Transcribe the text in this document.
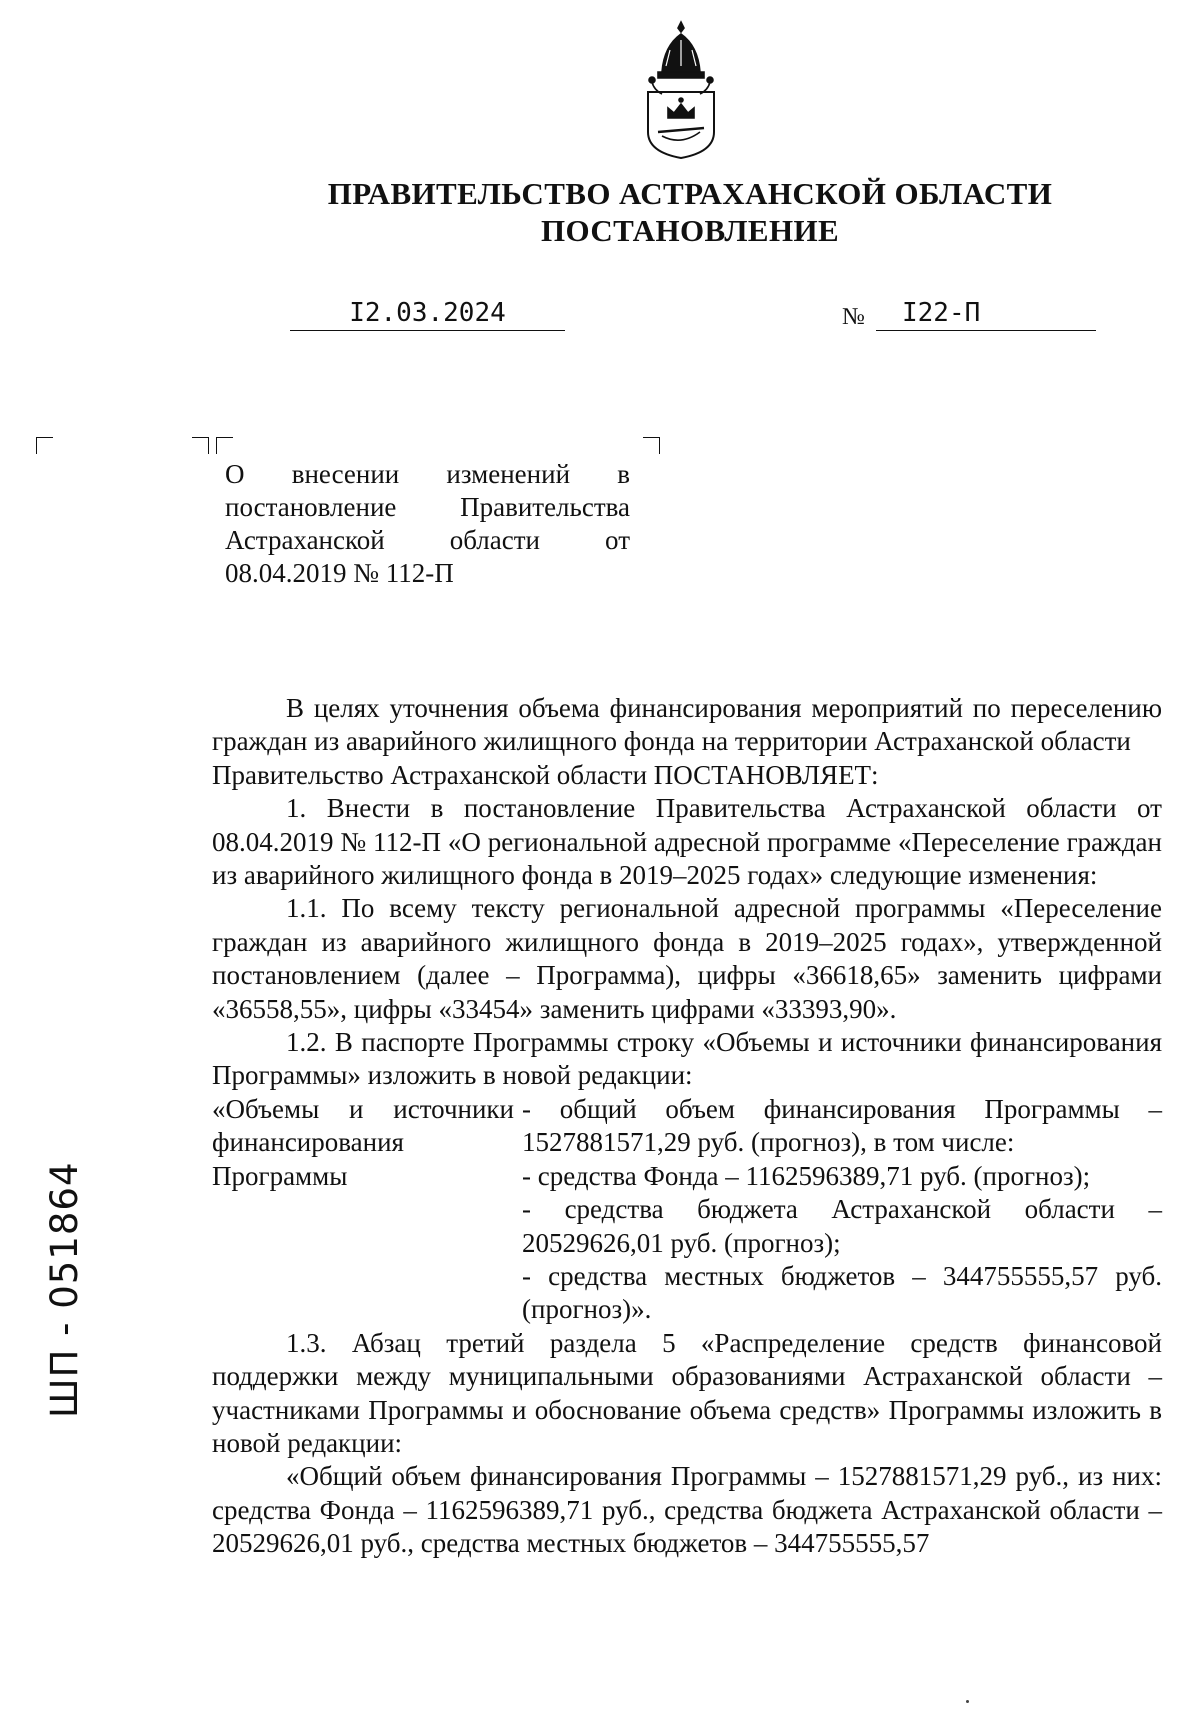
ПРАВИТЕЛЬСТВО АСТРАХАНСКОЙ ОБЛАСТИ
ПОСТАНОВЛЕНИЕ
I2.03.2024	№	I22-П
О внесении изменений в постановление Правительства Астраханской области от 08.04.2019 № 112-П

В целях уточнения объема финансирования мероприятий по переселению граждан из аварийного жилищного фонда на территории Астраханской области

Правительство Астраханской области ПОСТАНОВЛЯЕТ:

1. Внести в постановление Правительства Астраханской области от 08.04.2019 № 112-П «О региональной адресной программе «Переселение граждан из аварийного жилищного фонда в 2019–2025 годах» следующие изменения:

1.1. По всему тексту региональной адресной программы «Переселение граждан из аварийного жилищного фонда в 2019–2025 годах», утвержденной постановлением (далее – Программа), цифры «36618,65» заменить цифрами «36558,55», цифры «33454» заменить цифрами «33393,90».

1.2. В паспорте Программы строку «Объемы и источники финансирования Программы» изложить в новой редакции:

«Объемы и источники финансирования Программы

- общий объем финансирования Программы – 1527881571,29 руб. (прогноз), в том числе:

- средства Фонда – 1162596389,71 руб. (прогноз);

- средства бюджета Астраханской области – 20529626,01 руб. (прогноз);

- средства местных бюджетов – 344755555,57 руб. (прогноз)».

1.3. Абзац третий раздела 5 «Распределение средств финансовой поддержки между муниципальными образованиями Астраханской области – участниками Программы и обоснование объема средств» Программы изложить в новой редакции:

«Общий объем финансирования Программы – 1527881571,29 руб., из них: средства Фонда – 1162596389,71 руб., средства бюджета Астраханской области – 20529626,01 руб., средства местных бюджетов – 344755555,57

ШП - 051864
